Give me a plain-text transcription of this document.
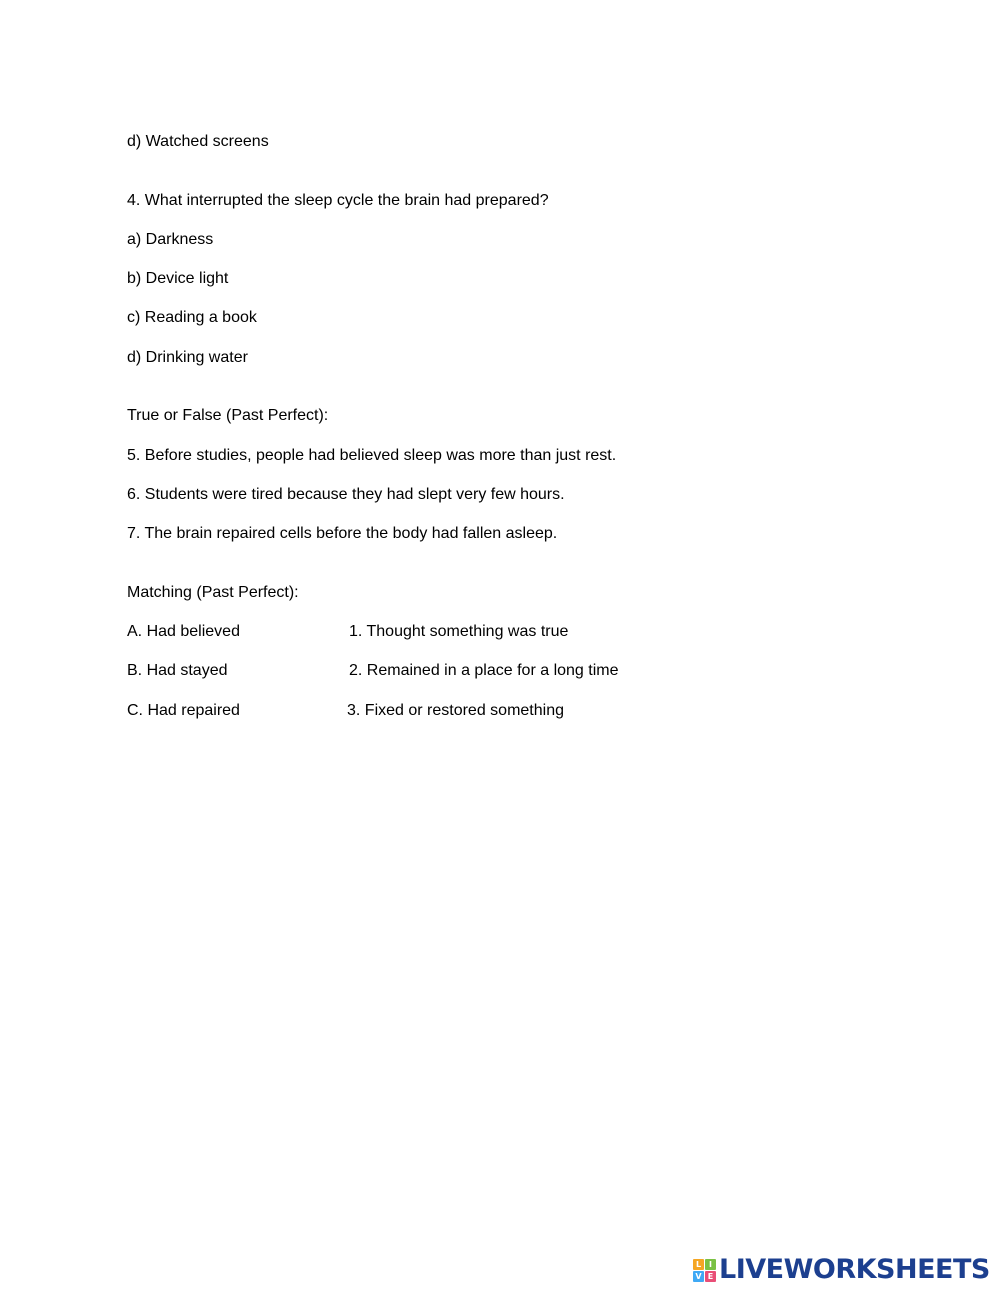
d) Watched screens
4. What interrupted the sleep cycle the brain had prepared?
a) Darkness
b) Device light
c) Reading a book
d) Drinking water
True or False (Past Perfect):
5. Before studies, people had believed sleep was more than just rest.
6. Students were tired because they had slept very few hours.
7. The brain repaired cells before the body had fallen asleep.
Matching (Past Perfect):
A. Had believed	1. Thought something was true
B. Had stayed	2. Remained in a place for a long time
C. Had repaired	3. Fixed or restored something
L I
V E LIVEWORKSHEETS
